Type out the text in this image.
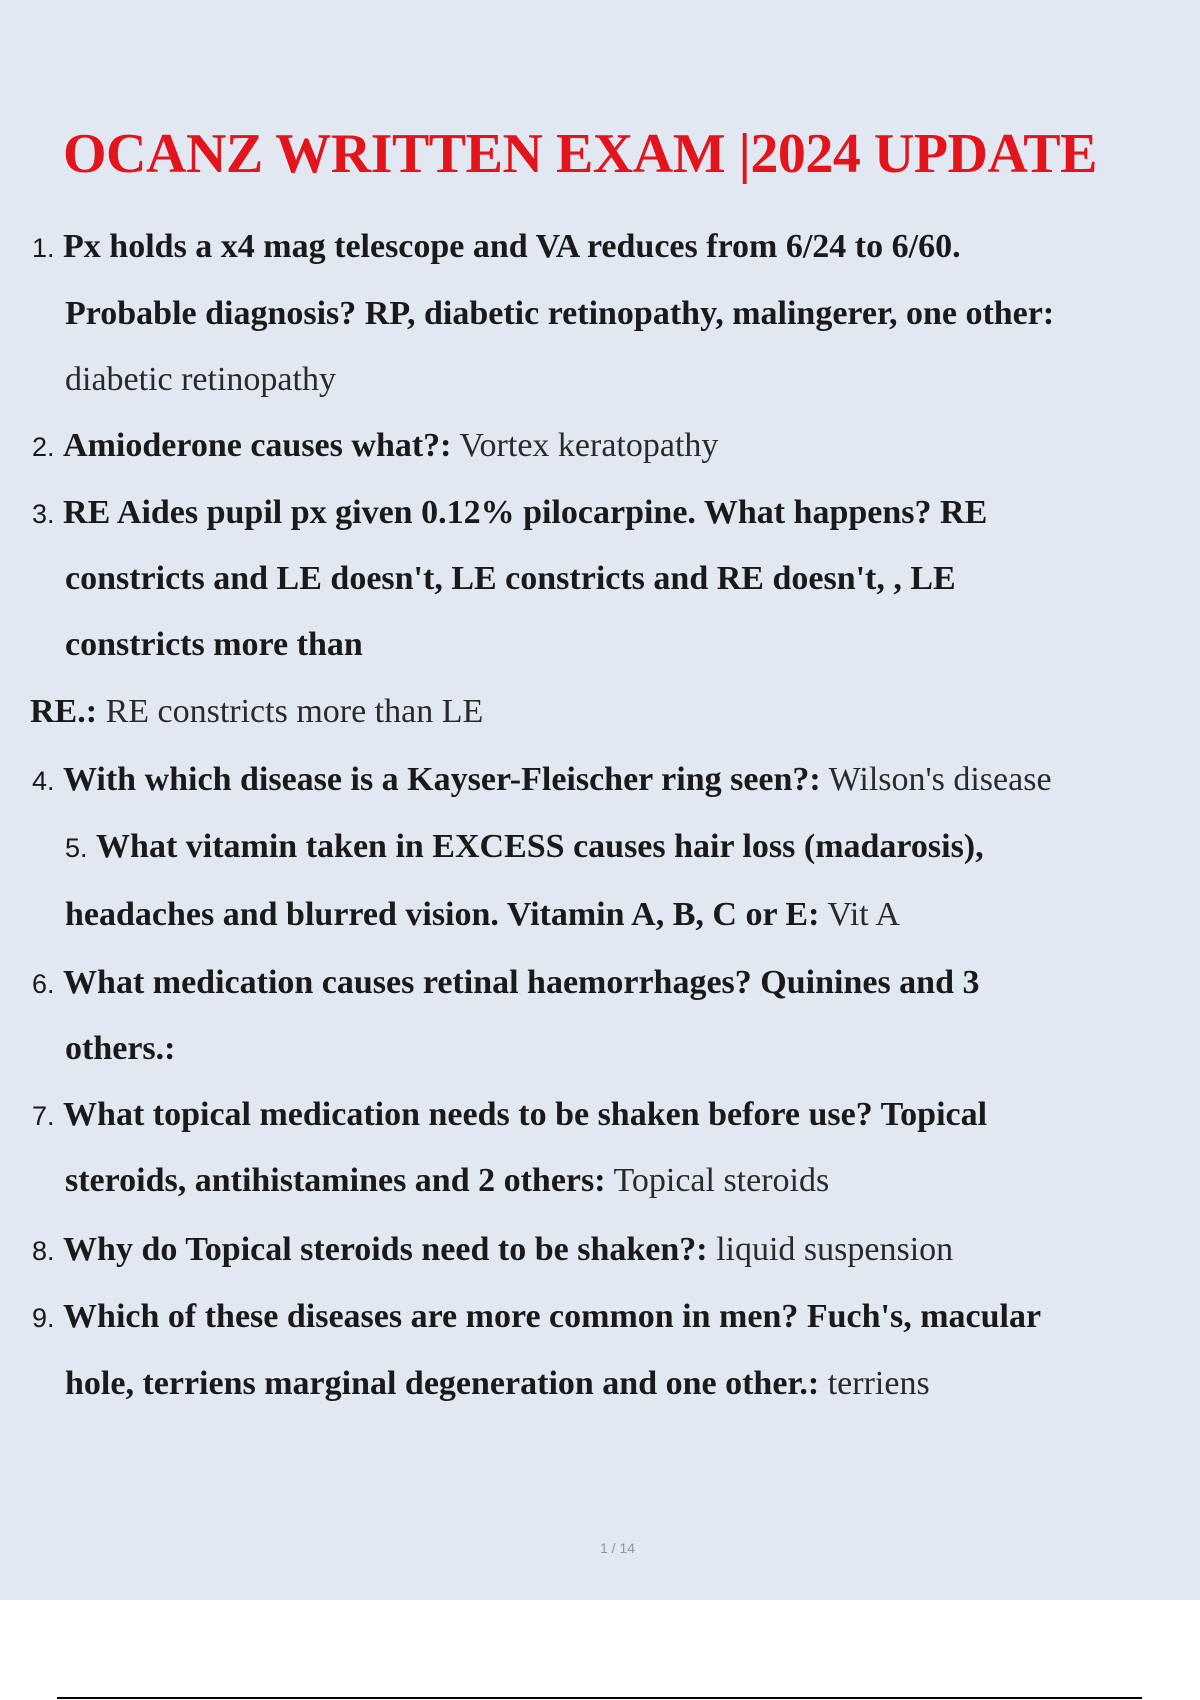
OCANZ WRITTEN EXAM |2024 UPDATE

1. Px holds a x4 mag telescope and VA reduces from 6/24 to 6/60.

Probable diagnosis? RP, diabetic retinopathy, malingerer, one other:

diabetic retinopathy

2. Amioderone causes what?: Vortex keratopathy

3. RE Aides pupil px given 0.12% pilocarpine. What happens? RE

constricts and LE doesn't, LE constricts and RE doesn't, , LE

constricts more than

RE.: RE constricts more than LE

4. With which disease is a Kayser-Fleischer ring seen?: Wilson's disease

5. What vitamin taken in EXCESS causes hair loss (madarosis),

headaches and blurred vision. Vitamin A, B, C or E: Vit A

6. What medication causes retinal haemorrhages? Quinines and 3

others.:

7. What topical medication needs to be shaken before use? Topical

steroids, antihistamines and 2 others: Topical steroids

8. Why do Topical steroids need to be shaken?: liquid suspension

9. Which of these diseases are more common in men? Fuch's, macular

hole, terriens marginal degeneration and one other.: terriens

1 / 14
